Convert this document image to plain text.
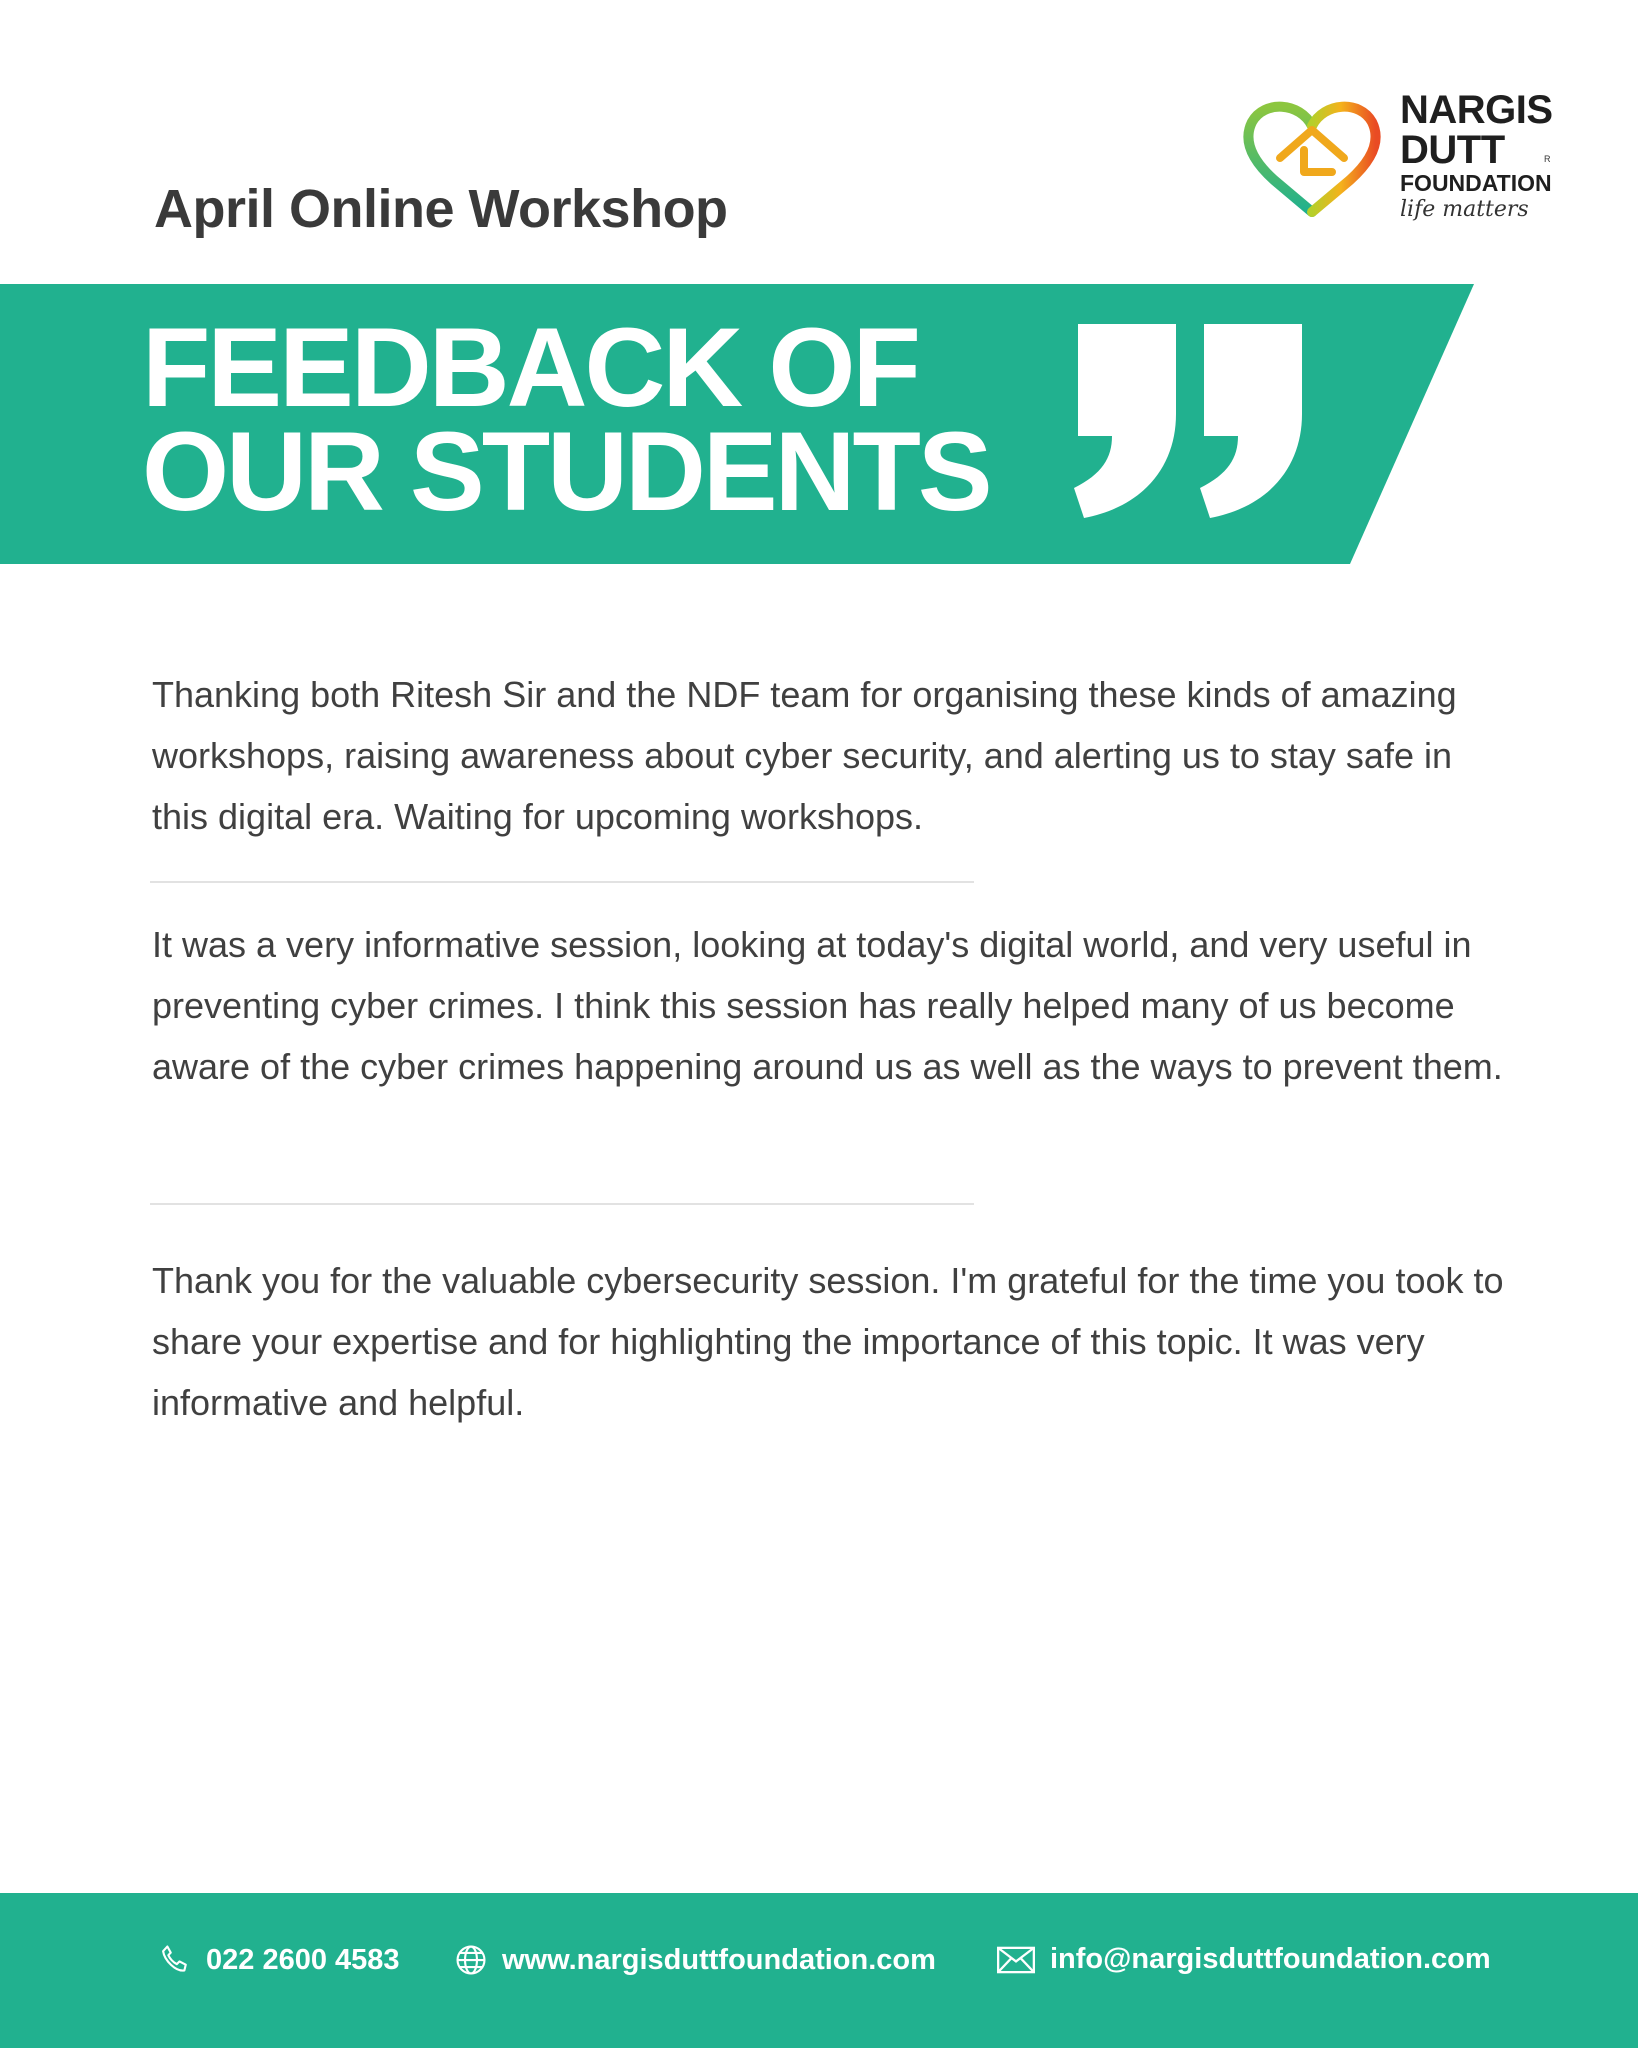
April Online Workshop
NARGIS
DUTT
FOUNDATION
life matters
R
FEEDBACK OF
OUR STUDENTS

Thanking both Ritesh Sir and the NDF team for organising these kinds of amazing workshops, raising awareness about cyber security, and alerting us to stay safe in this digital era. Waiting for upcoming workshops.

It was a very informative session, looking at today's digital world, and very useful in preventing cyber crimes. I think this session has really helped many of us become aware of the cyber crimes happening around us as well as the ways to prevent them.

Thank you for the valuable cybersecurity session. I'm grateful for the time you took to share your expertise and for highlighting the importance of this topic. It was very informative and helpful.

022 2600 4583	www.nargisduttfoundation.com	info@nargisduttfoundation.com
